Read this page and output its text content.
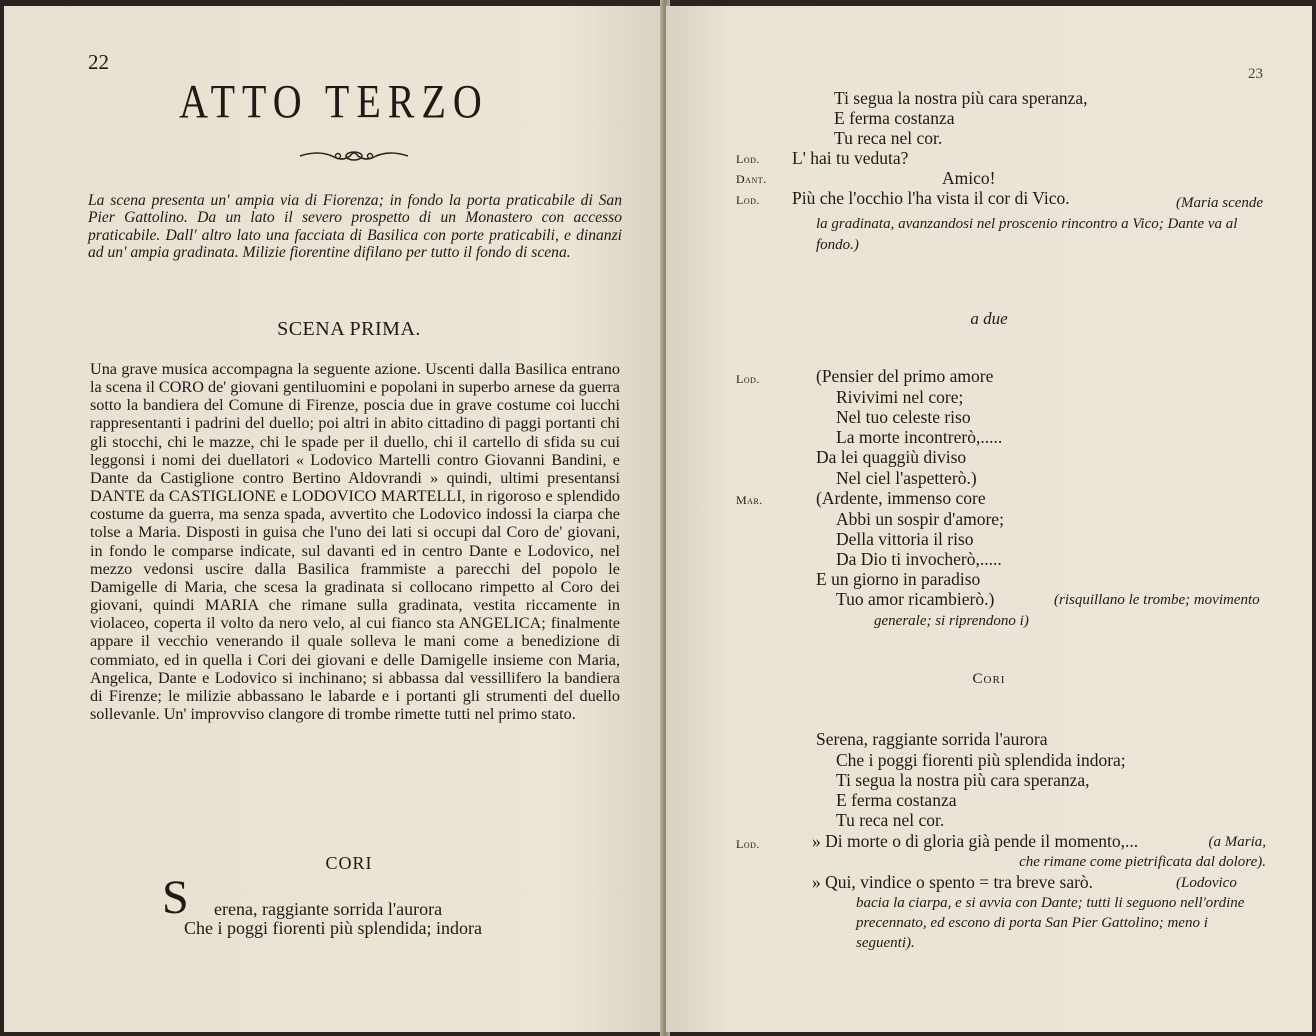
22
ATTO TERZO
La scena presenta un' ampia via di Fiorenza; in fondo la porta praticabile di San Pier Gattolino. Da un lato il severo prospetto di un Monastero con accesso praticabile. Dall' altro lato una facciata di Basilica con porte praticabili, e dinanzi ad un' ampia gradinata. Milizie fiorentine difilano per tutto il fondo di scena.
SCENA PRIMA.
Una grave musica accompagna la seguente azione. Uscenti dalla Basilica entrano la scena il CORO de' giovani gentiluomini e popolani in superbo arnese da guerra sotto la bandiera del Comune di Firenze, poscia due in grave costume coi lucchi rappresentanti i padrini del duello; poi altri in abito cittadino di paggi portanti chi gli stocchi, chi le mazze, chi le spade per il duello, chi il cartello di sfida su cui leggonsi i nomi dei duellatori « Lodovico Martelli contro Giovanni Bandini, e Dante da Castiglione contro Bertino Aldovrandi » quindi, ultimi presentansi DANTE da CASTIGLIONE e LODOVICO MARTELLI, in rigoroso e splendido costume da guerra, ma senza spada, avvertito che Lodovico indossi la ciarpa che tolse a Maria. Disposti in guisa che l'uno dei lati si occupi dal Coro de' giovani, in fondo le comparse indicate, sul davanti ed in centro Dante e Lodovico, nel mezzo vedonsi uscire dalla Basilica frammiste a parecchi del popolo le Damigelle di Maria, che scesa la gradinata si collocano rimpetto al Coro dei giovani, quindi MARIA che rimane sulla gradinata, vestita riccamente in violaceo, coperta il volto da nero velo, al cui fianco sta ANGELICA; finalmente appare il vecchio venerando il quale solleva le mani come a benedizione di commiato, ed in quella i Cori dei giovani e delle Damigelle insieme con Maria, Angelica, Dante e Lodovico si inchinano; si abbassa dal vessillifero la bandiera di Firenze; le milizie abbassano le labarde e i portanti gli strumenti del duello sollevanle. Un' improvviso clangore di trombe rimette tutti nel primo stato.
CORI
S erena, raggiante sorrida l'aurora
Che i poggi fiorenti più splendida; indora
23
Ti segua la nostra più cara speranza,
E ferma costanza
Tu reca nel cor.
Lod. L' hai tu veduta?
Dant.	Amico!
Lod. Più che l'occhio l'ha vista il cor di Vico.	(Maria scende la gradinata, avanzandosi nel proscenio rincontro a Vico; Dante va al fondo.)
a due
Lod.	(Pensier del primo amore
Rivivimi nel core;
Nel tuo celeste riso
La morte incontrerò,.....
Da lei quaggiù diviso
Nel ciel l'aspetterò.)
Mar.	(Ardente, immenso core
Abbi un sospir d'amore;
Della vittoria il riso
Da Dio ti invocherò,.....
E un giorno in paradiso
Tuo amor ricambierò.)	(risquillano le trombe; movimento generale; si riprendono i)
Cori
Serena, raggiante sorrida l'aurora
Che i poggi fiorenti più splendida indora;
Ti segua la nostra più cara speranza,
E ferma costanza
Tu reca nel cor.
Lod.	» Di morte o di gloria già pende il momento,...	(a Maria, che rimane come pietrificata dal dolore).
» Qui, vindice o spento = tra breve sarò.	(Lodovico bacia la ciarpa, e si avvia con Dante; tutti li seguono nell'ordine precennato, ed escono di porta San Pier Gattolino; meno i seguenti).
